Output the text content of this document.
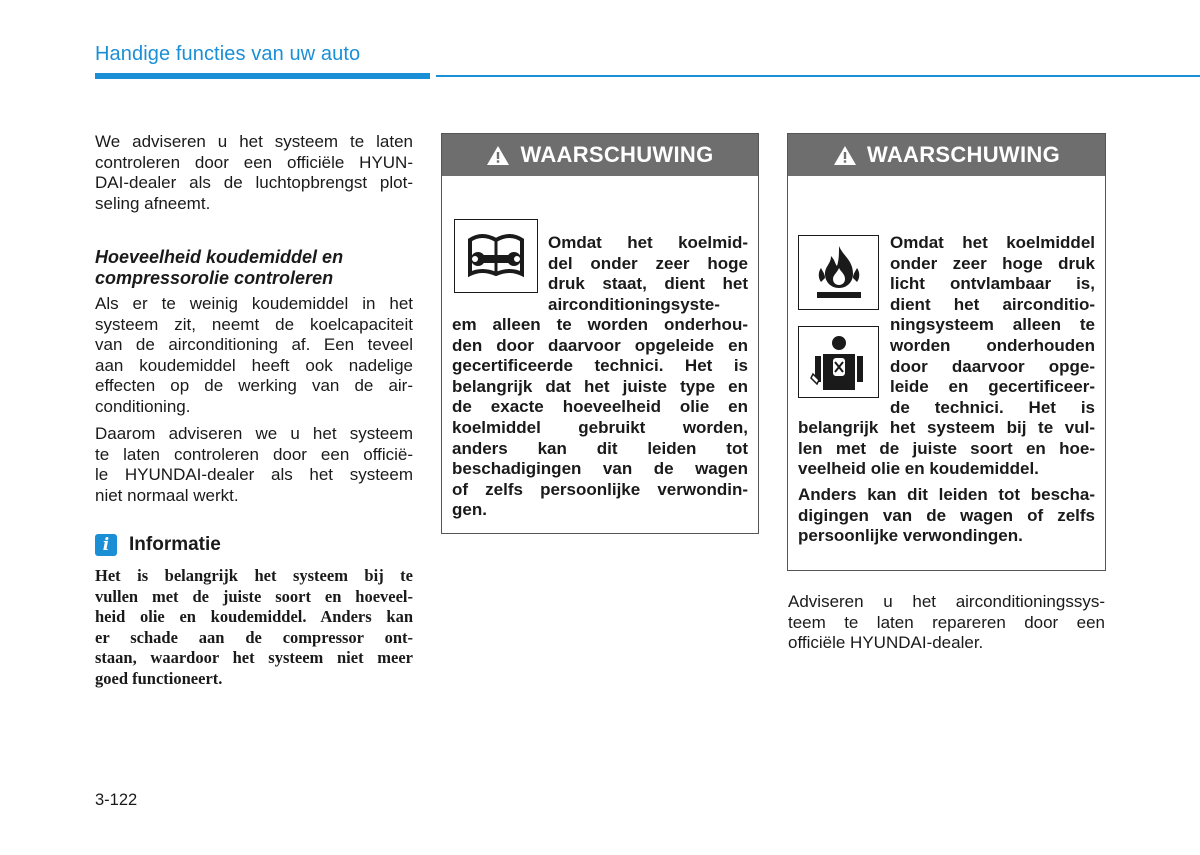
Handige functies van uw auto
We adviseren u het systeem te laten
controleren door een officiële HYUN-
DAI-dealer als de luchtopbrengst plot-
seling afneemt.
Hoeveelheid koudemiddel en
compressorolie controleren
Als er te weinig koudemiddel in het
systeem zit, neemt de koelcapaciteit
van de airconditioning af. Een teveel
aan koudemiddel heeft ook nadelige
effecten op de werking van de air-
conditioning.
Daarom adviseren we u het systeem
te laten controleren door een officië-
le HYUNDAI-dealer als het systeem
niet normaal werkt.
i	Informatie
Het is belangrijk het systeem bij te
vullen met de juiste soort en hoeveel-
heid olie en koudemiddel. Anders kan
er schade aan de compressor ont-
staan, waardoor het systeem niet meer
goed functioneert.
WAARSCHUWING
Omdat het koelmid-
del onder zeer hoge
druk staat, dient het
airconditioningsyste-
em alleen te worden onderhou-
den door daarvoor opgeleide en
gecertificeerde technici. Het is
belangrijk dat het juiste type en
de exacte hoeveelheid olie en
koelmiddel gebruikt worden,
anders kan dit leiden tot
beschadigingen van de wagen
of zelfs persoonlijke verwondin-
gen.
WAARSCHUWING
Omdat het koelmiddel
onder zeer hoge druk
licht ontvlambaar is,
dient het airconditio-
ningsysteem alleen te
worden onderhouden
door daarvoor opge-
leide en gecertificeer-
de technici. Het is
belangrijk het systeem bij te vul-
len met de juiste soort en hoe-
veelheid olie en koudemiddel.
Anders kan dit leiden tot bescha-
digingen van de wagen of zelfs
persoonlijke verwondingen.
Adviseren u het airconditioningssys-
teem te laten repareren door een
officiële HYUNDAI-dealer.
3-122
